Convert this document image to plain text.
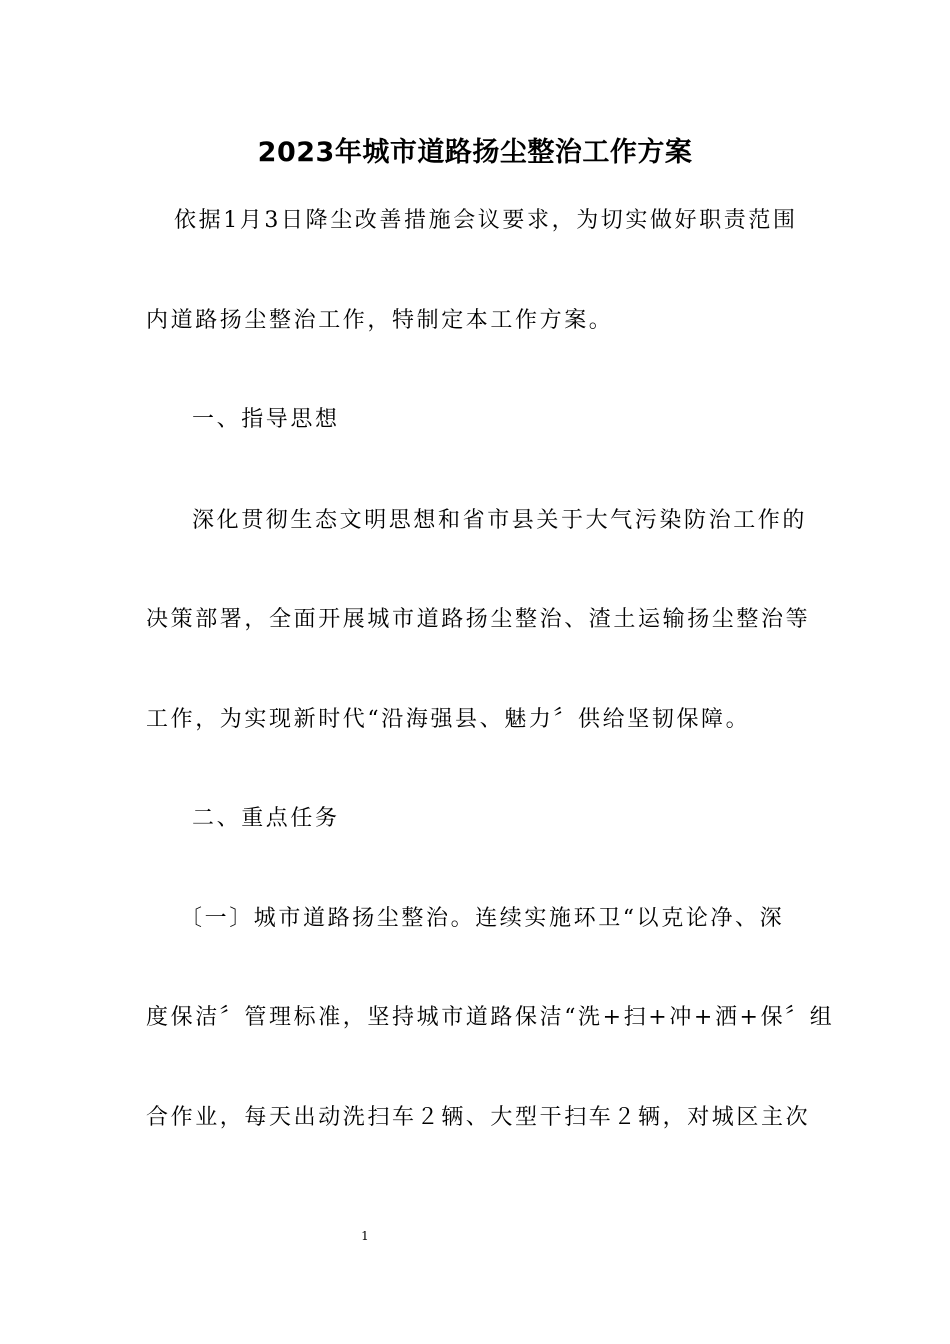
2023年城市道路扬尘整治工作方案
依据1月3日降尘改善措施会议要求，为切实做好职责范围
内道路扬尘整治工作，特制定本工作方案。
一、指导思想
深化贯彻生态文明思想和省市县关于大气污染防治工作的
决策部署，全面开展城市道路扬尘整治、渣土运输扬尘整治等
工作，为实现新时代“沿海强县、魅力〞供给坚韧保障。
二、重点任务
〔一〕城市道路扬尘整治。连续实施环卫“以克论净、深
度保洁〞管理标准，坚持城市道路保洁“洗+扫+冲+洒+保〞组
合作业，每天出动洗扫车２辆、大型干扫车２辆，对城区主次
1
